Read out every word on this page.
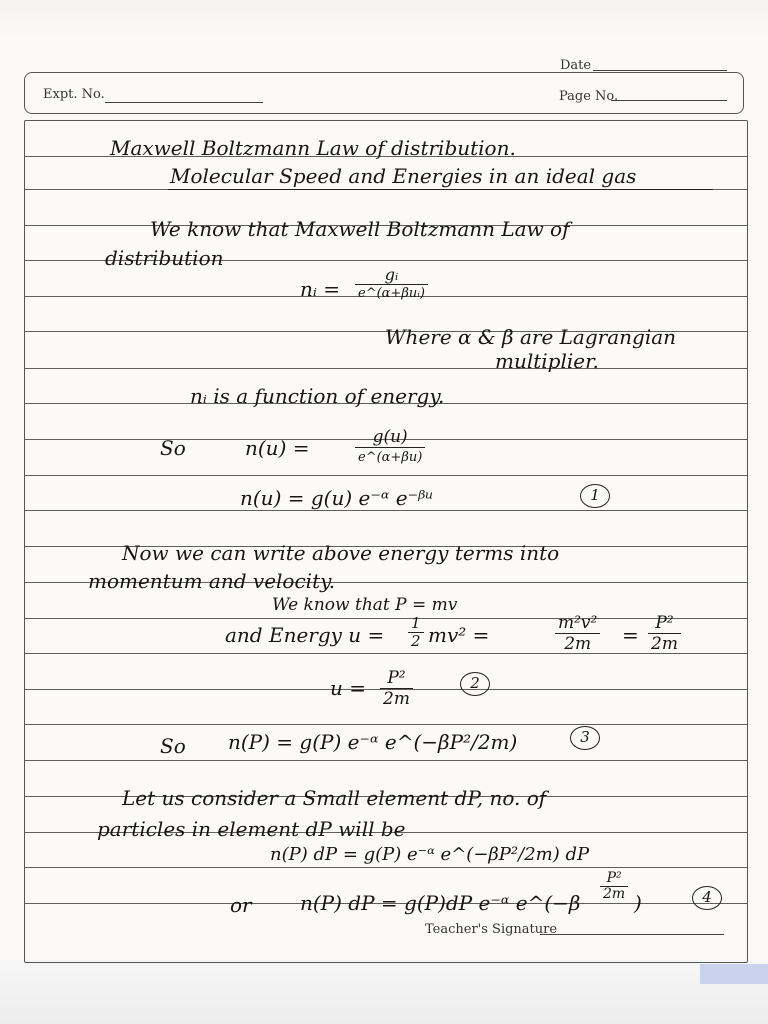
Date
Expt. No.	Page No.
Maxwell Boltzmann Law of distribution.
Molecular Speed and Energies in an ideal gas
We know that Maxwell Boltzmann Law of
distribution
nᵢ =
gᵢ
e^(α+βuᵢ)
Where α & β are Lagrangian
multiplier.
nᵢ is a function of energy.
So	n(u) =	g(u)
e^(α+βu)
n(u) = g(u) e⁻ᵅ e⁻ᵝᵘ	1
Now we can write above energy terms into
momentum and velocity.
We know that P = mv
and Energy $u = \frac{1}{2} mv^2$ =	$\frac{\text{m²v²}}{2m} = \frac{\text{P²}}{2m}$
$u = \frac{\text{P²}}{2m}$	2
So n(P) = g(P) e⁻ᵅ e^(−βP²/2m)	3
Let us consider a Small element dP, no. of
particles in element dP will be
n(P) dP = g(P) e⁻ᵅ e^(−βP²/2m) dP
or n(P) dP = g(P)dP e⁻ᵅ e^(−β
$\frac{\text{P²}}{2m}$
)	4
Teacher's Signature
